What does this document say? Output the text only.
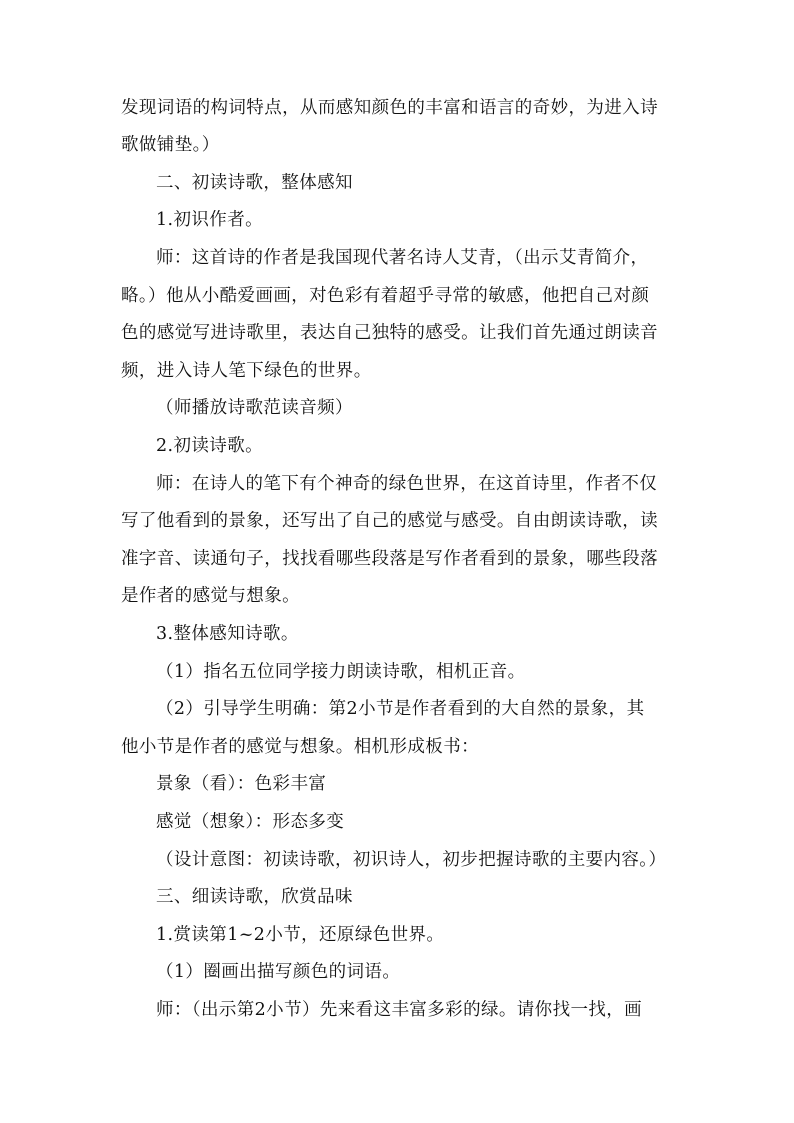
发现词语的构词特点，从而感知颜色的丰富和语言的奇妙，为进入诗
歌做铺垫。）
二、初读诗歌，整体感知
1.初识作者。
师：这首诗的作者是我国现代著名诗人艾青，（出示艾青简介，
略。）他从小酷爱画画，对色彩有着超乎寻常的敏感，他把自己对颜
色的感觉写进诗歌里，表达自己独特的感受。让我们首先通过朗读音
频，进入诗人笔下绿色的世界。
（师播放诗歌范读音频）
2.初读诗歌。
师：在诗人的笔下有个神奇的绿色世界，在这首诗里，作者不仅
写了他看到的景象，还写出了自己的感觉与感受。自由朗读诗歌，读
准字音、读通句子，找找看哪些段落是写作者看到的景象，哪些段落
是作者的感觉与想象。
3.整体感知诗歌。
（1）指名五位同学接力朗读诗歌，相机正音。
（2）引导学生明确：第2小节是作者看到的大自然的景象，其
他小节是作者的感觉与想象。相机形成板书：
景象（看）：色彩丰富
感觉（想象）：形态多变
（设计意图：初读诗歌，初识诗人，初步把握诗歌的主要内容。）
三、细读诗歌，欣赏品味
1.赏读第1~2小节，还原绿色世界。
（1）圈画出描写颜色的词语。
师：（出示第2小节）先来看这丰富多彩的绿。请你找一找，画
